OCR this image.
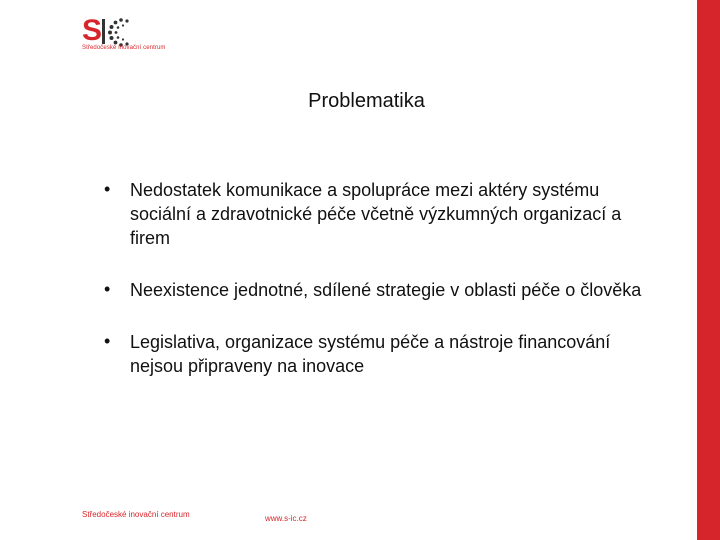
S
Středočeské inovační centrum
Problematika
• Nedostatek komunikace a spolupráce mezi aktéry systému sociální a zdravotnické péče včetně výzkumných organizací a firem
• Neexistence jednotné, sdílené strategie v oblasti péče o člověka
• Legislativa, organizace systému péče a nástroje financování nejsou připraveny na inovace
Středočeské inovační centrum	www.s-ic.cz
